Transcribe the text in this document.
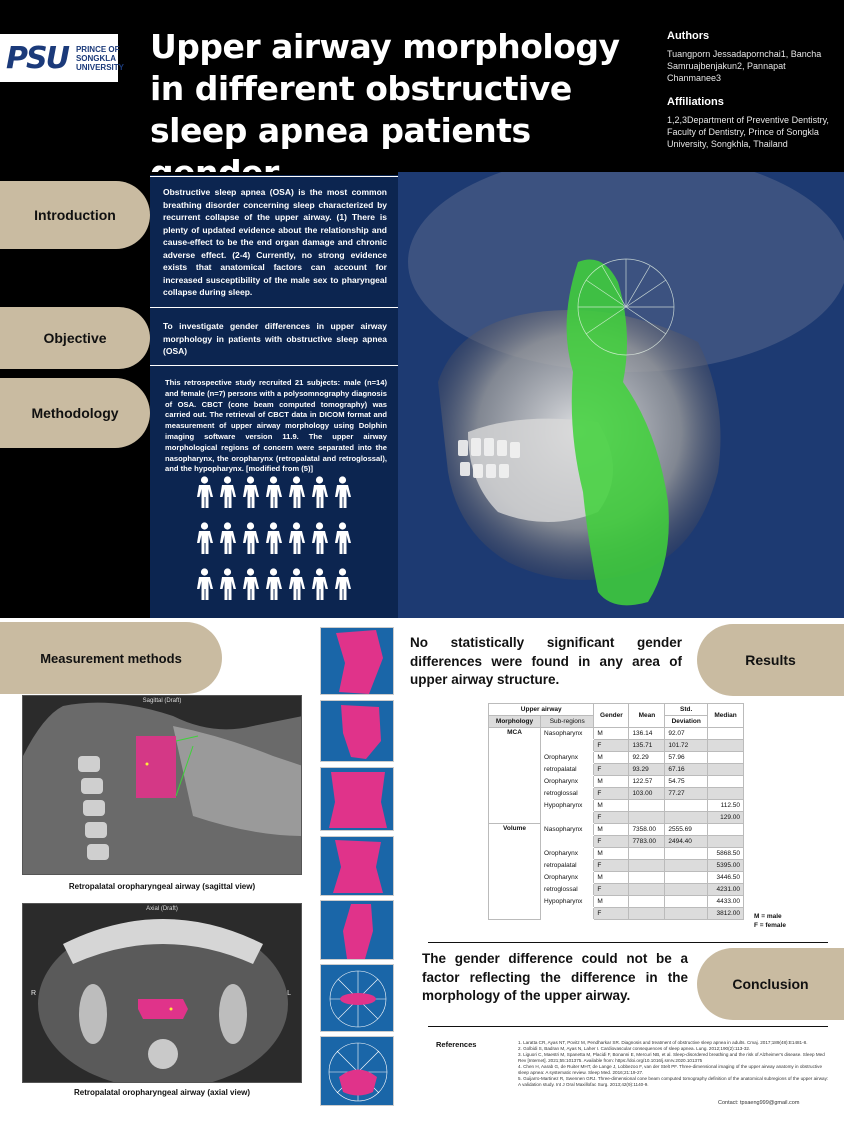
PSU PRINCE OF
SONGKLA
UNIVERSITY
Upper airway morphology in different obstructive sleep apnea patients
Authors
Tuangporn Jessadapornchai1, Bancha Samruajbenjakun2, Pannapat Chanmanee3
Affiliations
1,2,3Department of Preventive Dentistry, Faculty of Dentistry, Prince of Songkla University, Songkhla, Thailand
Introduction
Obstructive sleep apnea (OSA) is the most common breathing disorder concerning sleep characterized by recurrent collapse of the upper airway. (1) There is plenty of updated evidence about the relationship and cause-effect to be the end organ damage and chronic adverse effect. (2-4) Currently, no strong evidence exists that anatomical factors can account for increased susceptibility of the male sex to pharyngeal collapse during sleep.
Objective
To investigate gender differences in upper airway morphology in patients with obstructive sleep apnea (OSA)
Methodology
This retrospective study recruited 21 subjects: male (n=14) and female (n=7) persons with a polysomnography diagnosis of OSA. CBCT (cone beam computed tomography) was carried out. The retrieval of CBCT data in DICOM format and measurement of upper airway morphology using Dolphin imaging software version 11.9. The upper airway morphological regions of concern were separated into the nasopharynx, the oropharynx (retropalatal and retroglossal), and the hypopharynx. [modified from (5)]
Measurement methods
Sagittal (Draft)
Retropalatal oropharyngeal airway (sagittal view)
Axial (Draft)
R	L
Retropalatal oropharyngeal airway (axial view)
No statistically significant gender differences were found in any area of upper airway structure.
Results
Upper airway		Gender	Mean	Std.	Median
Morphology	Sub-regions			Deviation	
MCA	Nasopharynx	M	136.14	92.07	
		F	135.71	101.72	
	Oropharynx	M	92.29	57.96	
	retropalatal	F	93.29	67.16	
	Oropharynx	M	122.57	54.75	
	retroglossal	F	103.00	77.27	
	Hypopharynx	M			112.50
		F			129.00
Volume	Nasopharynx	M	7358.00	2555.69	
		F	7783.00	2494.40	
	Oropharynx	M			5868.50
	retropalatal	F			5395.00
	Oropharynx	M			3446.50
	retroglossal	F			4231.00
	Hypopharynx	M			4433.00
		F			3812.00 M = male
F = female
The gender difference could not be a factor reflecting the difference in the morphology of the upper airway.
Conclusion
References	1. Laratta CR, Ayas NT, Povitz M, Pendharkar SR. Diagnosis and treatment of obstructive sleep apnea in adults. Cmaj. 2017;189(48):E1481-8.
2. Golbidi S, Badran M, Ayas N, Laher I. Cardiovascular consequences of sleep apnea. Lung. 2012;190(2):113-32.
3. Liguori C, Maestri M, Spanetta M, Placidi F, Bonanni E, Mercuri NB, et al. Sleep-disordered breathing and the risk of Alzheimer's disease. Sleep Med Rev [Internet]. 2021;55:101375. Available from: https://doi.org/10.1016/j.smrv.2020.101375
4. Chen H, Aarab G, de Ruiter MHT, de Lange J, Lobbezoo F, van der Stelt PF. Three-dimensional imaging of the upper airway anatomy in obstructive sleep apnea: A systematic review. Sleep Med. 2016;21:19-27.
5. Guijarro-Martinez R, Swennen GRJ. Three-dimensional cone beam computed tomography definition of the anatomical subregions of the upper airway: A validation study. Int J Oral Maxillofac Surg. 2013;42(9):1140-9.
Contact: tpsaeng999@gmail.com
